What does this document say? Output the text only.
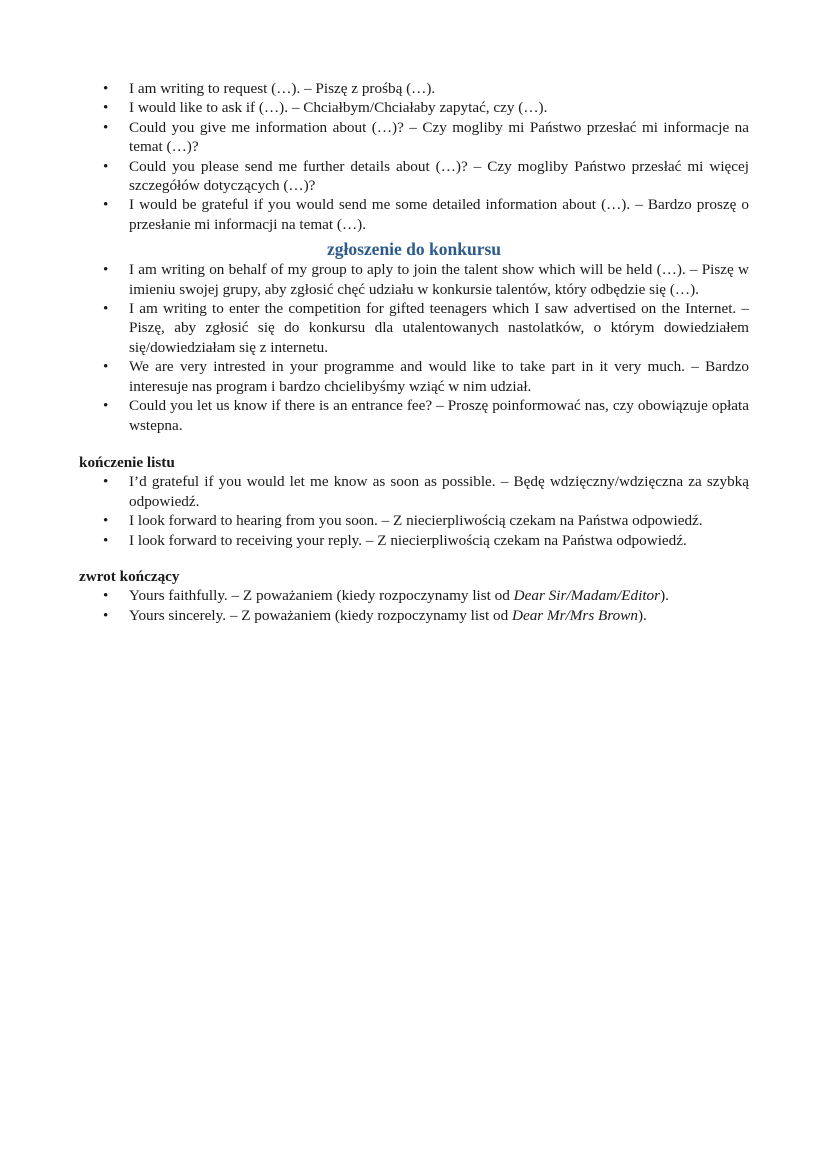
• I am writing to request (…). – Piszę z prośbą (…).
• I would like to ask if (…). – Chciałbym/Chciałaby zapytać, czy (…).
• Could you give me information about (…)? – Czy mogliby mi Państwo przesłać mi informacje na temat (…)?
• Could you please send me further details about (…)? – Czy mogliby Państwo przesłać mi więcej szczegółów dotyczących (…)?
• I would be grateful if you would send me some detailed information about (…). – Bardzo proszę o przesłanie mi informacji na temat (…).
zgłoszenie do konkursu
• I am writing on behalf of my group to aply to join the talent show which will be held (…). – Piszę w imieniu swojej grupy, aby zgłosić chęć udziału w konkursie talentów, który odbędzie się (…).
• I am writing to enter the competition for gifted teenagers which I saw advertised on the Internet. – Piszę, aby zgłosić się do konkursu dla utalentowanych nastolatków, o którym dowiedziałem się/dowiedziałam się z internetu.
• We are very intrested in your programme and would like to take part in it very much. – Bardzo interesuje nas program i bardzo chcielibyśmy wziąć w nim udział.
• Could you let us know if there is an entrance fee? – Proszę poinformować nas, czy obowiązuje opłata wstepna.

kończenie listu

• I’d grateful if you would let me know as soon as possible. – Będę wdzięczny/wdzięczna za szybką odpowiedź.
• I look forward to hearing from you soon. – Z niecierpliwością czekam na Państwa odpowiedź.
• I look forward to receiving your reply. – Z niecierpliwością czekam na Państwa odpowiedź.

zwrot kończący

• Yours faithfully. – Z poważaniem (kiedy rozpoczynamy list od Dear Sir/Madam/Editor).
• Yours sincerely. – Z poważaniem (kiedy rozpoczynamy list od Dear Mr/Mrs Brown).
